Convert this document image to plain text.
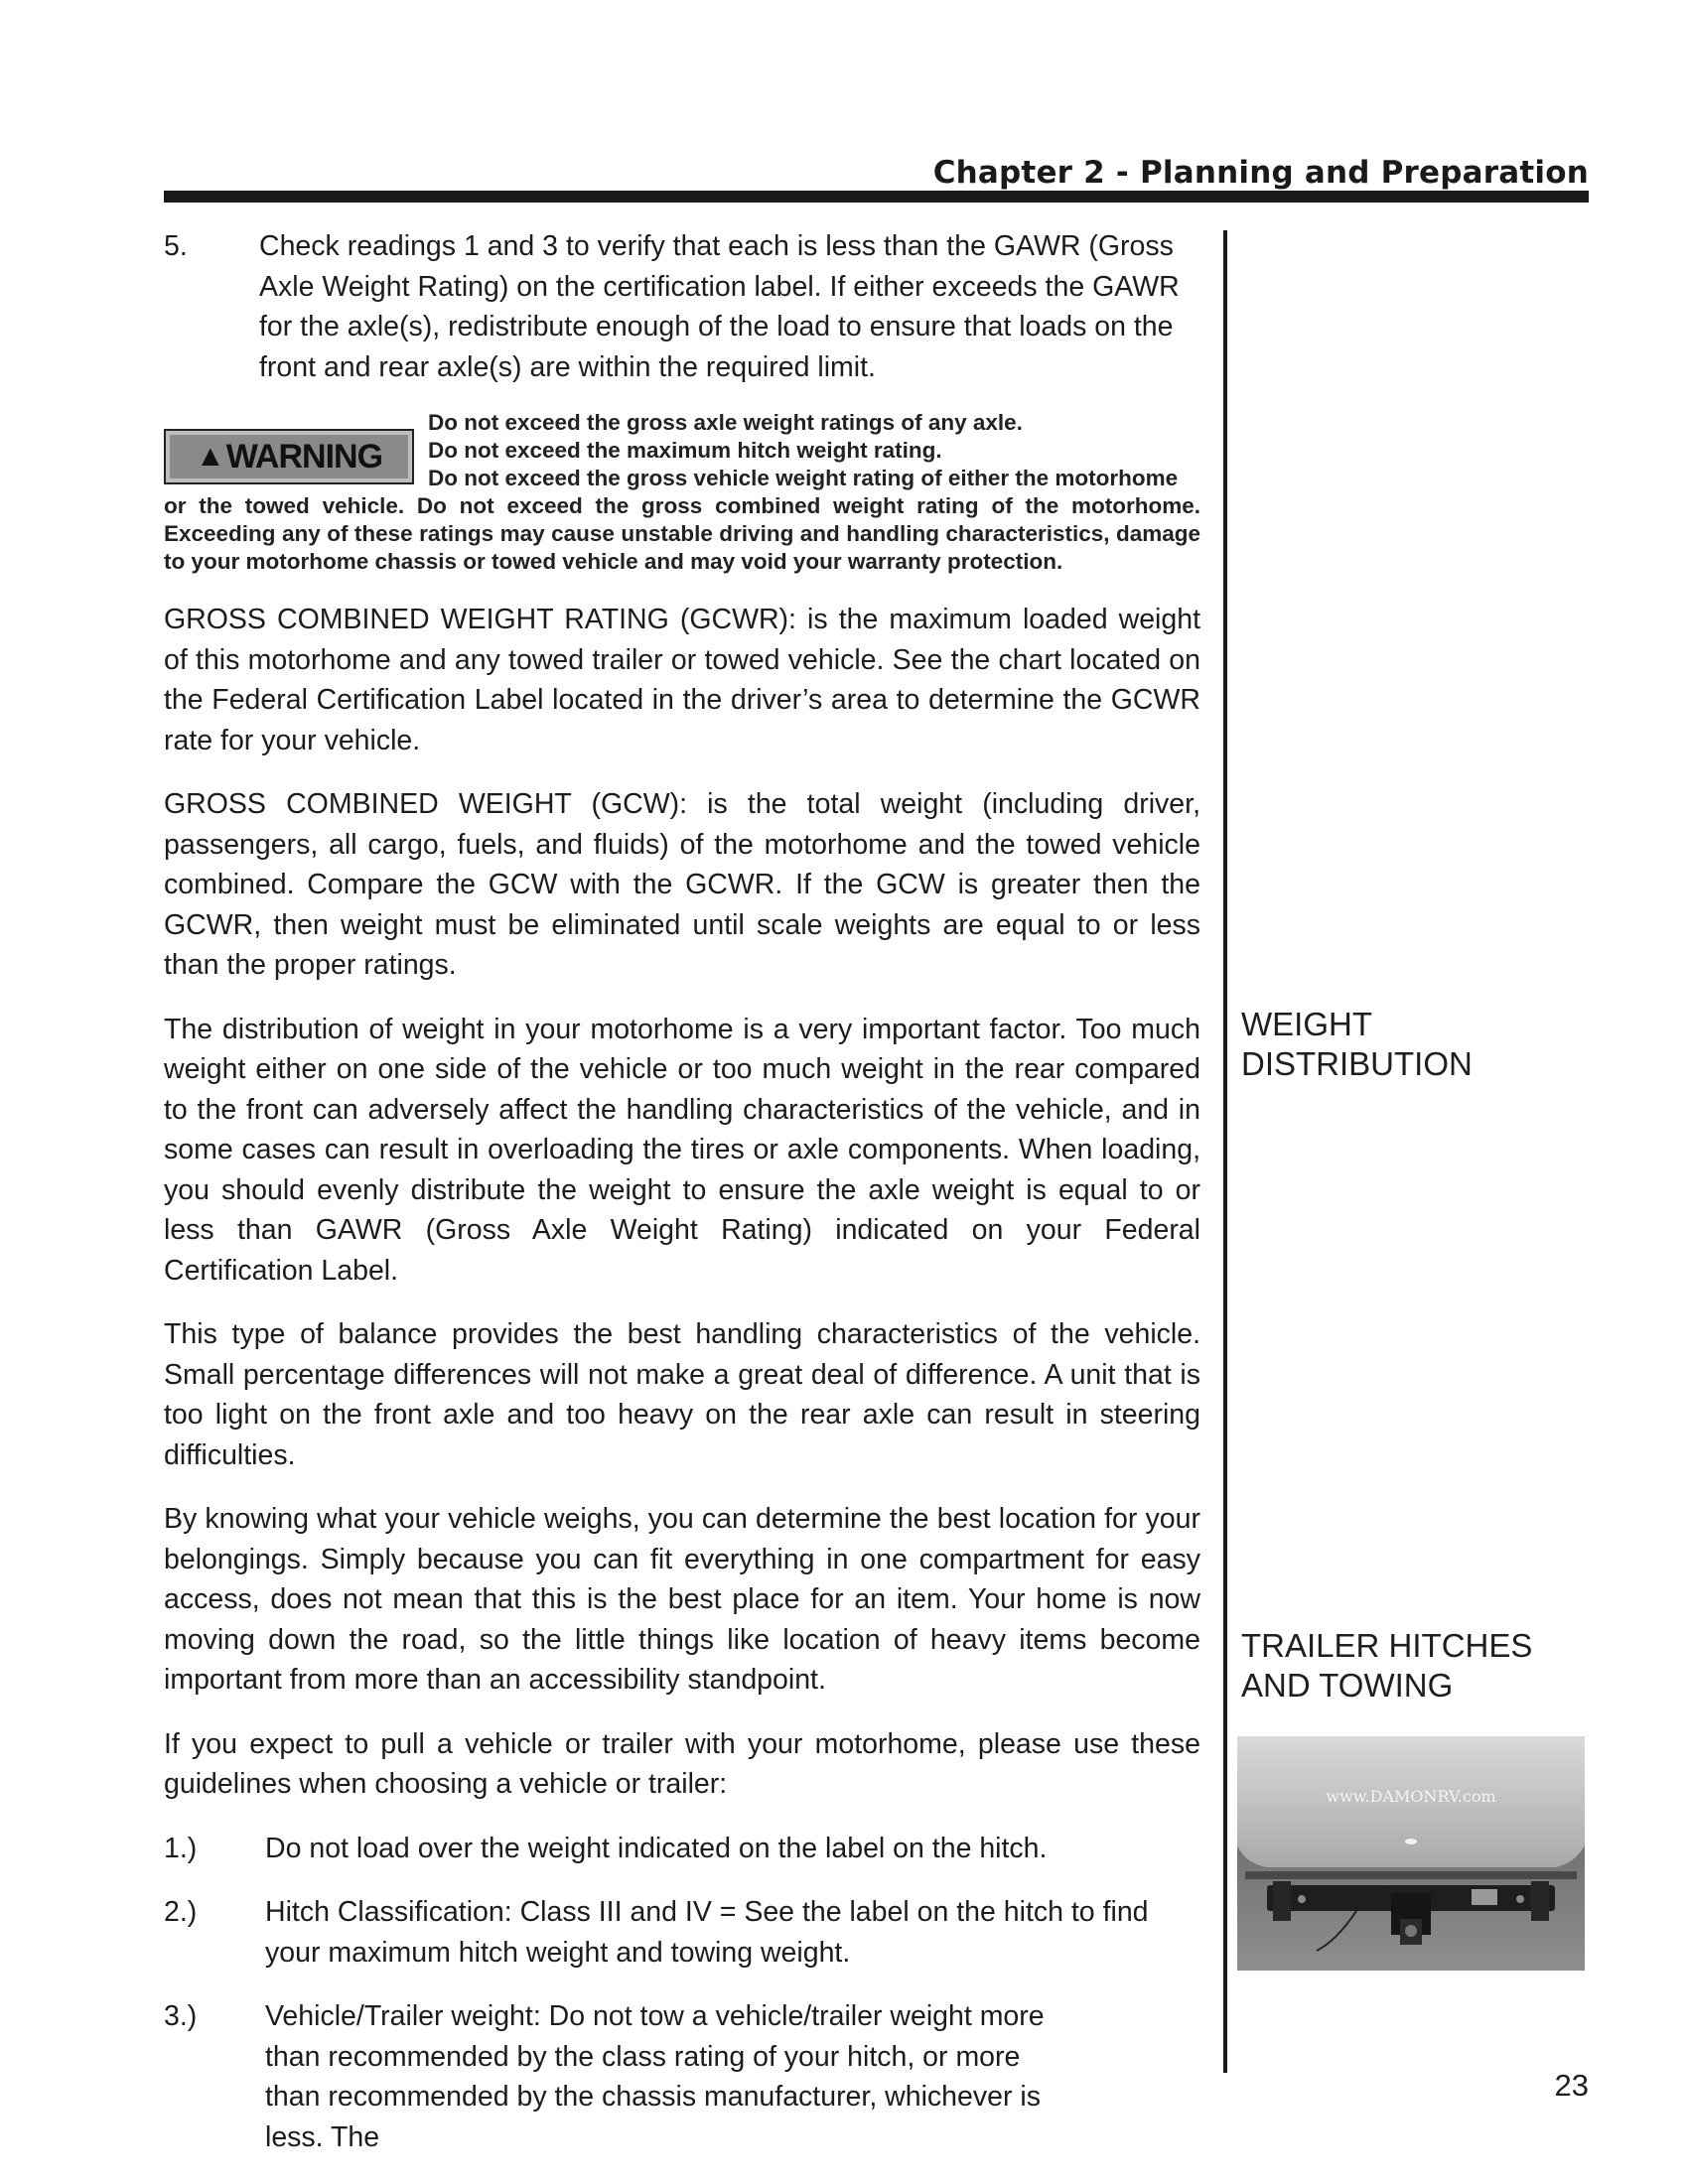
Chapter 2 - Planning and Preparation
5.	Check readings 1 and 3 to verify that each is less than the GAWR (Gross Axle Weight Rating) on the certification label. If either exceeds the GAWR for the axle(s), redistribute enough of the load to ensure that loads on the front and rear axle(s) are within the required limit.
▲ WARNING
Do not exceed the gross axle weight ratings of any axle.
Do not exceed the maximum hitch weight rating.
Do not exceed the gross vehicle weight rating of either the motorhome
or the towed vehicle. Do not exceed the gross combined weight rating of the motorhome. Exceeding any of these ratings may cause unstable driving and handling characteristics, damage to your motorhome chassis or towed vehicle and may void your warranty protection.

GROSS COMBINED WEIGHT RATING (GCWR): is the maximum loaded weight of this motorhome and any towed trailer or towed vehicle. See the chart located on the Federal Certification Label located in the driver’s area to determine the GCWR rate for your vehicle.

GROSS COMBINED WEIGHT (GCW): is the total weight (including driver, passengers, all cargo, fuels, and fluids) of the motorhome and the towed vehicle combined. Compare the GCW with the GCWR. If the GCW is greater then the GCWR, then weight must be eliminated until scale weights are equal to or less than the proper ratings.

The distribution of weight in your motorhome is a very important factor. Too much weight either on one side of the vehicle or too much weight in the rear compared to the front can adversely affect the handling characteristics of the vehicle, and in some cases can result in overloading the tires or axle components. When loading, you should evenly distribute the weight to ensure the axle weight is equal to or less than GAWR (Gross Axle Weight Rating) indicated on your Federal Certification Label.

This type of balance provides the best handling characteristics of the vehicle. Small percentage differences will not make a great deal of difference. A unit that is too light on the front axle and too heavy on the rear axle can result in steering difficulties.

By knowing what your vehicle weighs, you can determine the best location for your belongings. Simply because you can fit everything in one compartment for easy access, does not mean that this is the best place for an item. Your home is now moving down the road, so the little things like location of heavy items become important from more than an accessibility standpoint.

If you expect to pull a vehicle or trailer with your motorhome, please use these guidelines when choosing a vehicle or trailer:

1.) Do not load over the weight indicated on the label on the hitch.
2.) Hitch Classification: Class III and IV = See the label on the hitch to find your maximum hitch weight and towing weight.
3.) Vehicle/Trailer weight: Do not tow a vehicle/trailer weight more than recommended by the class rating of your hitch, or more than recommended by the chassis manufacturer, whichever is less. The
WEIGHT
DISTRIBUTION
TRAILER HITCHES
AND TOWING
www.DAMONRV.com
23
